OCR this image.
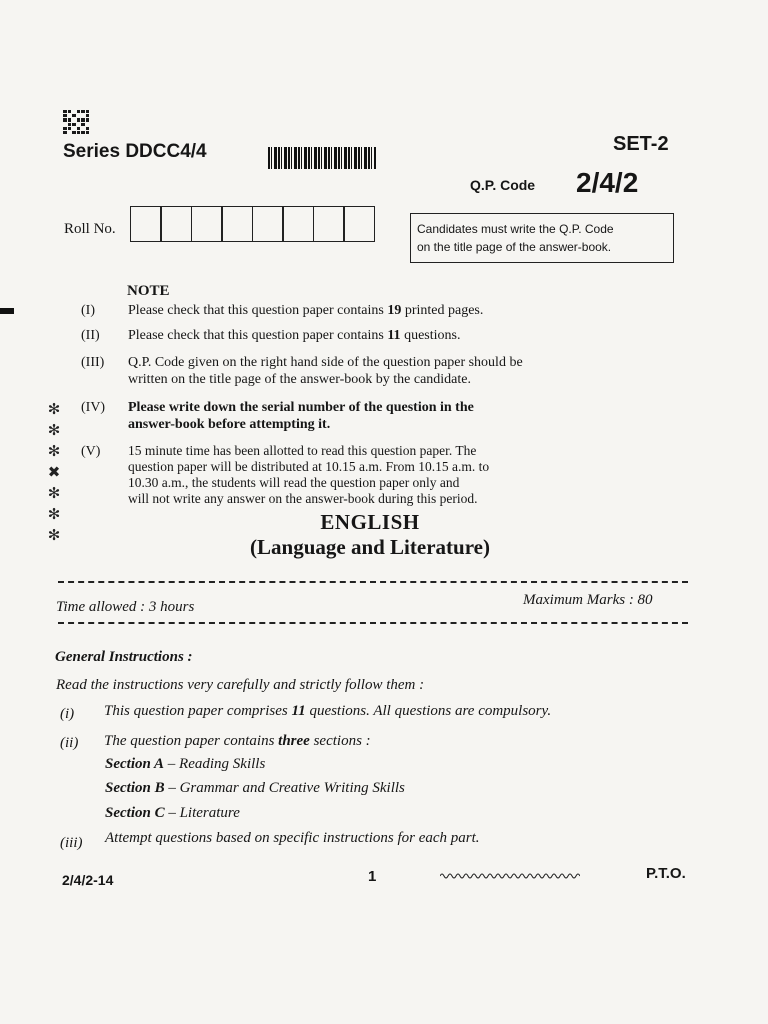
Series DDCC4/4	SET-2
Q.P. Code 2/4/2
Roll No.	Candidates must write the Q.P. Code
on the title page of the answer-book.
NOTE
(I) Please check that this question paper contains 19 printed pages.
(II) Please check that this question paper contains 11 questions.
(III) Q.P. Code given on the right hand side of the question paper should be
written on the title page of the answer-book by the candidate.
(IV) Please write down the serial number of the question in the
answer-book before attempting it.
(V) 15 minute time has been allotted to read this question paper. The
question paper will be distributed at 10.15 a.m. From 10.15 a.m. to
10.30 a.m., the students will read the question paper only and
will not write any answer on the answer-book during this period.
✻
✻
✻
✖
✻
✻
✻
ENGLISH
(Language and Literature)
Time allowed : 3 hours	Maximum Marks : 80
General Instructions :
Read the instructions very carefully and strictly follow them :
(i) This question paper comprises 11 questions. All questions are compulsory.
(ii) The question paper contains three sections :
Section A – Reading Skills
Section B – Grammar and Creative Writing Skills
Section C – Literature
(iii) Attempt questions based on specific instructions for each part.
2/4/2-14	1	P.T.O.
